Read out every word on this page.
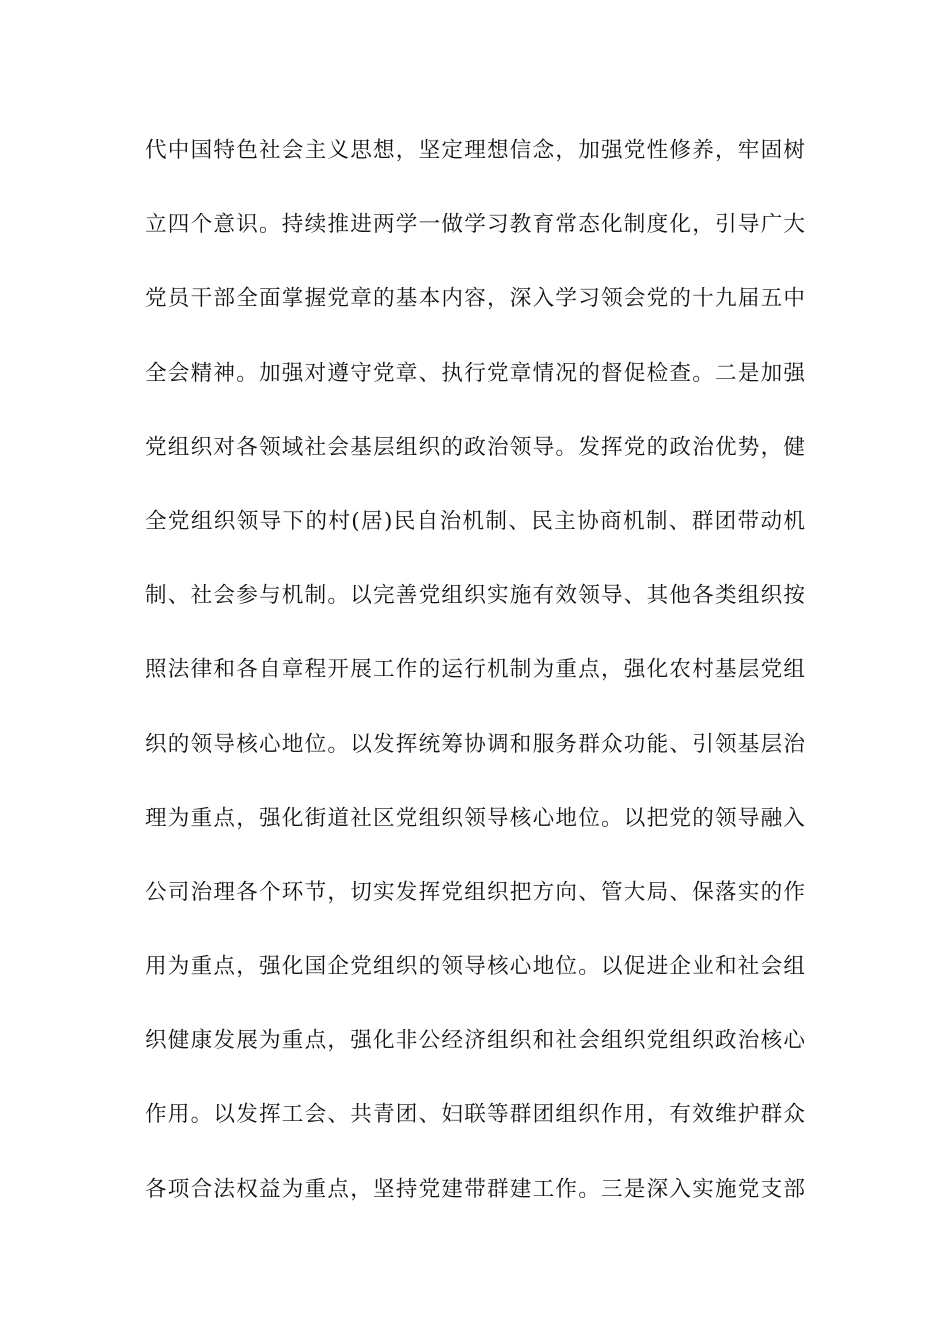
代中国特色社会主义思想，坚定理想信念，加强党性修养，牢固树
立四个意识。持续推进两学一做学习教育常态化制度化，引导广大
党员干部全面掌握党章的基本内容，深入学习领会党的十九届五中
全会精神。加强对遵守党章、执行党章情况的督促检查。二是加强
党组织对各领域社会基层组织的政治领导。发挥党的政治优势，健
全党组织领导下的村(居)民自治机制、民主协商机制、群团带动机
制、社会参与机制。以完善党组织实施有效领导、其他各类组织按
照法律和各自章程开展工作的运行机制为重点，强化农村基层党组
织的领导核心地位。以发挥统筹协调和服务群众功能、引领基层治
理为重点，强化街道社区党组织领导核心地位。以把党的领导融入
公司治理各个环节，切实发挥党组织把方向、管大局、保落实的作
用为重点，强化国企党组织的领导核心地位。以促进企业和社会组
织健康发展为重点，强化非公经济组织和社会组织党组织政治核心
作用。以发挥工会、共青团、妇联等群团组织作用，有效维护群众
各项合法权益为重点，坚持党建带群建工作。三是深入实施党支部
